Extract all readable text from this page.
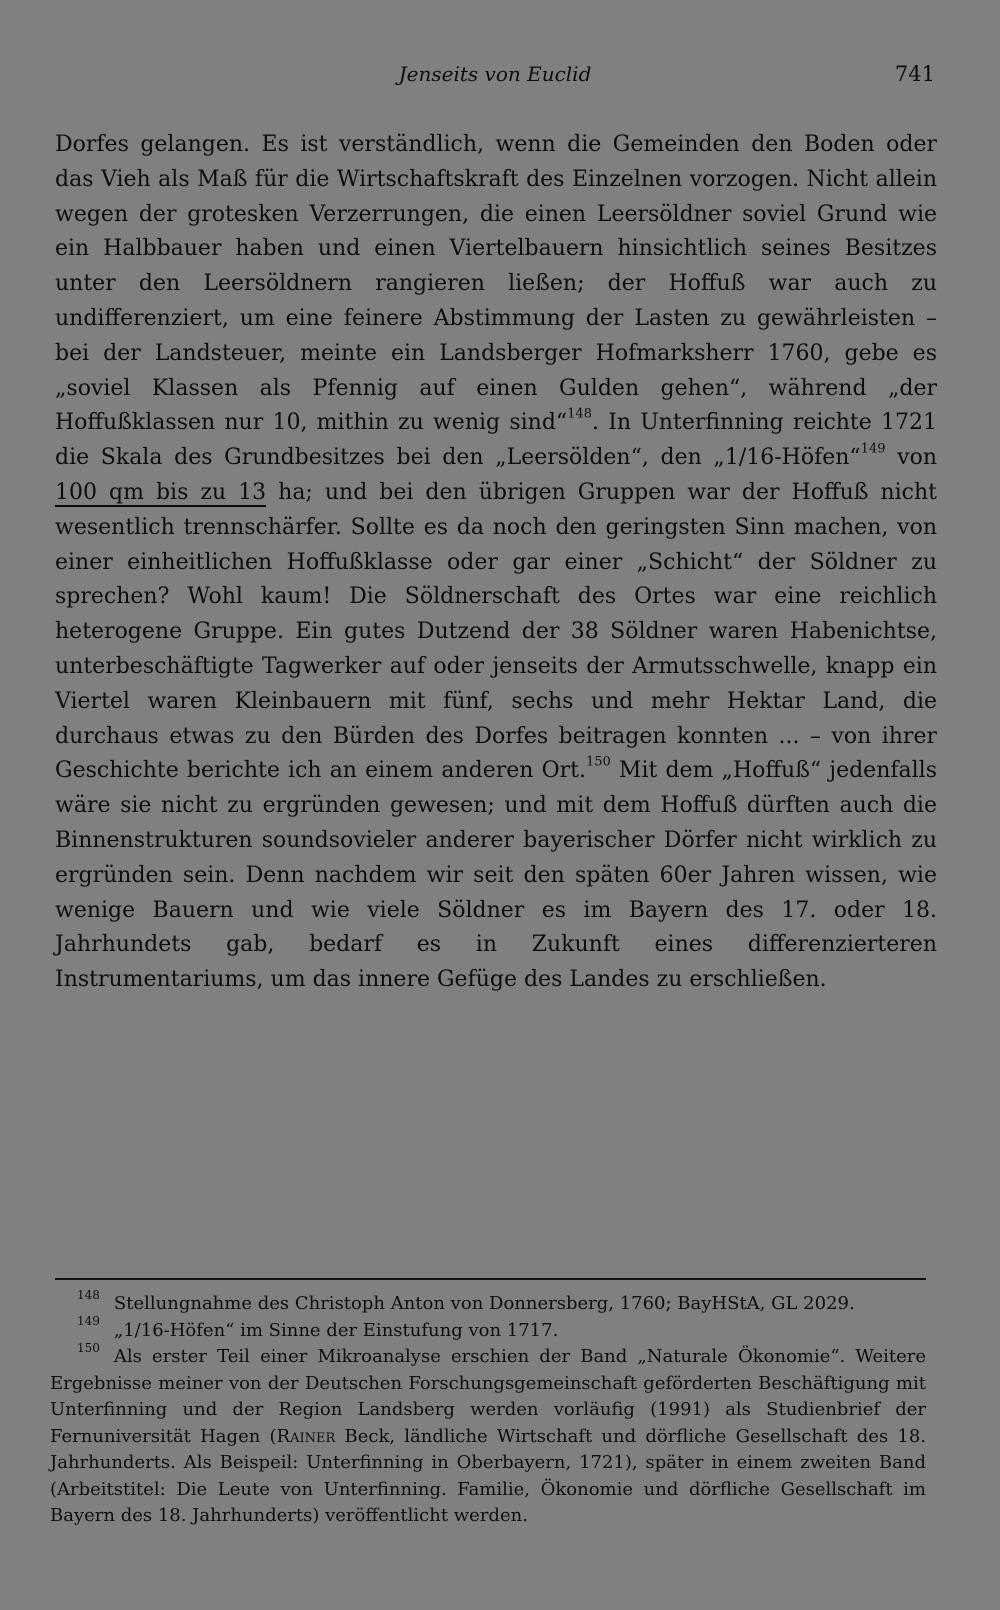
Jenseits von Euclid	741

Dorfes gelangen. Es ist verständlich, wenn die Gemeinden den Boden oder das Vieh als Maß für die Wirtschaftskraft des Einzelnen vorzogen. Nicht allein wegen der grotesken Verzerrungen, die einen Leersöldner soviel Grund wie ein Halbbauer haben und einen Viertelbauern hinsichtlich seines Besitzes unter den Leersöldnern rangieren ließen; der Hoffuß war auch zu undifferenziert, um eine feinere Abstimmung der Lasten zu gewährleisten – bei der Landsteuer, meinte ein Landsberger Hofmarksherr 1760, gebe es „soviel Klassen als Pfennig auf einen Gulden gehen“, während „der Hoffußklassen nur 10, mithin zu wenig sind“$^{148}$. In Unterfinning reichte 1721 die Skala des Grundbesitzes bei den „Leersölden“, den „1/16-Höfen“$^{149}$ von 100 qm bis zu 13 ha; und bei den übrigen Gruppen war der Hoffuß nicht wesentlich trennschärfer. Sollte es da noch den geringsten Sinn machen, von einer einheitlichen Hoffußklasse oder gar einer „Schicht“ der Söldner zu sprechen? Wohl kaum! Die Söldnerschaft des Ortes war eine reichlich heterogene Gruppe. Ein gutes Dutzend der 38 Söldner waren Habenichtse, unterbeschäftigte Tagwerker auf oder jenseits der Armutsschwelle, knapp ein Viertel waren Kleinbauern mit fünf, sechs und mehr Hektar Land, die durchaus etwas zu den Bürden des Dorfes beitragen konnten ... – von ihrer Geschichte berichte ich an einem anderen Ort.$^{150}$ Mit dem „Hoffuß“ jedenfalls wäre sie nicht zu ergründen gewesen; und mit dem Hoffuß dürften auch die Binnenstrukturen soundsovieler anderer bayerischer Dörfer nicht wirklich zu ergründen sein. Denn nachdem wir seit den späten 60er Jahren wissen, wie wenige Bauern und wie viele Söldner es im Bayern des 17. oder 18. Jahrhundets gab, bedarf es in Zukunft eines differenzierteren Instrumentariums, um das innere Gefüge des Landes zu erschließen.

$^{148}$ Stellungnahme des Christoph Anton von Donnersberg, 1760; BayHStA, GL 2029.

$^{149}$ „1/16-Höfen“ im Sinne der Einstufung von 1717.

$^{150}$ Als erster Teil einer Mikroanalyse erschien der Band „Naturale Ökonomie“. Weitere Ergebnisse meiner von der Deutschen Forschungsgemeinschaft geförderten Beschäftigung mit Unterfinning und der Region Landsberg werden vorläufig (1991) als Studienbrief der Fernuniversität Hagen (Rainer Beck, ländliche Wirtschaft und dörfliche Gesellschaft des 18. Jahrhunderts. Als Beispeil: Unterfinning in Oberbayern, 1721), später in einem zweiten Band (Arbeitstitel: Die Leute von Unterfinning. Familie, Ökonomie und dörfliche Gesellschaft im Bayern des 18. Jahrhunderts) veröffentlicht werden.
